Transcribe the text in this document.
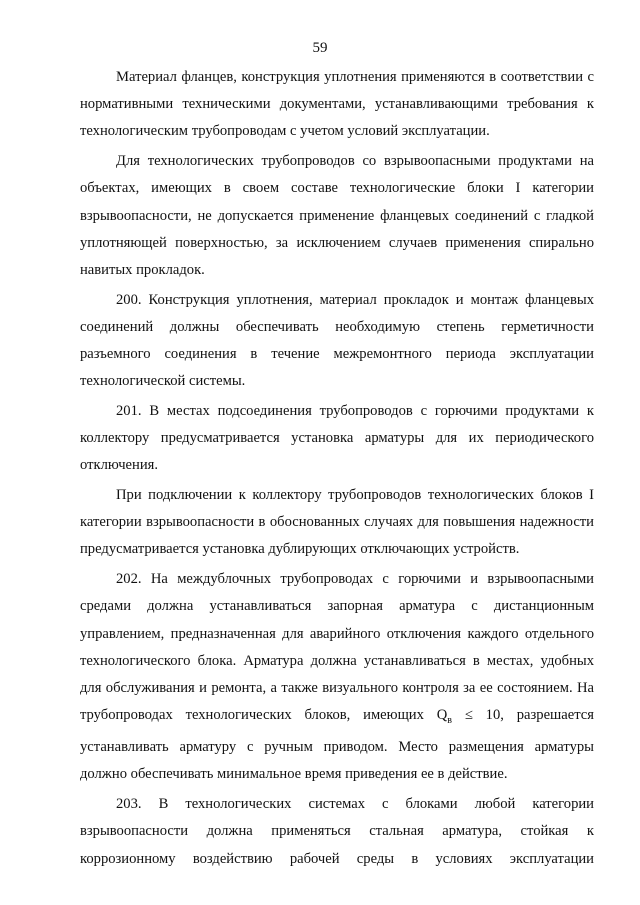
59

Материал фланцев, конструкция уплотнения применяются в соответствии с нормативными техническими документами, устанавливающими требования к технологическим трубопроводам с учетом условий эксплуатации.

Для технологических трубопроводов со взрывоопасными продуктами на объектах, имеющих в своем составе технологические блоки I категории взрывоопасности, не допускается применение фланцевых соединений с гладкой уплотняющей поверхностью, за исключением случаев применения спирально навитых прокладок.

200. Конструкция уплотнения, материал прокладок и монтаж фланцевых соединений должны обеспечивать необходимую степень герметичности разъемного соединения в течение межремонтного периода эксплуатации технологической системы.

201. В местах подсоединения трубопроводов с горючими продуктами к коллектору предусматривается установка арматуры для их периодического отключения.

При подключении к коллектору трубопроводов технологических блоков I категории взрывоопасности в обоснованных случаях для повышения надежности предусматривается установка дублирующих отключающих устройств.

202. На междублочных трубопроводах с горючими и взрывоопасными средами должна устанавливаться запорная арматура с дистанционным управлением, предназначенная для аварийного отключения каждого отдельного технологического блока. Арматура должна устанавливаться в местах, удобных для обслуживания и ремонта, а также визуального контроля за ее состоянием. На трубопроводах технологических блоков, имеющих $Q_в \le 10$, разрешается устанавливать арматуру с ручным приводом. Место размещения арматуры должно обеспечивать минимальное время приведения ее в действие.

203. В технологических системах с блоками любой категории взрывоопасности должна применяться стальная арматура, стойкая к коррозионному воздействию рабочей среды в условиях эксплуатации
